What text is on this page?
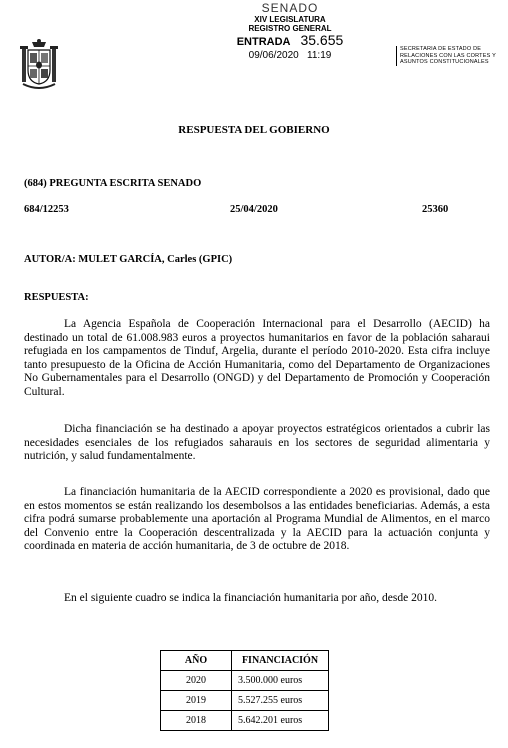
SENADO
XIV LEGISLATURA
REGISTRO GENERAL
ENTRADA 35.655
09/06/2020 11:19
SECRETARIA DE ESTADO DE RELACIONES CON LAS CORTES Y ASUNTOS CONSTITUCIONALES
RESPUESTA DEL GOBIERNO
(684) PREGUNTA ESCRITA SENADO
684/12253	25/04/2020	25360
AUTOR/A: MULET GARCÍA, Carles (GPIC)
RESPUESTA:
La Agencia Española de Cooperación Internacional para el Desarrollo (AECID) ha destinado un total de 61.008.983 euros a proyectos humanitarios en favor de la población saharaui refugiada en los campamentos de Tinduf, Argelia, durante el período 2010-2020. Esta cifra incluye tanto presupuesto de la Oficina de Acción Humanitaria, como del Departamento de Organizaciones No Gubernamentales para el Desarrollo (ONGD) y del Departamento de Promoción y Cooperación Cultural.
Dicha financiación se ha destinado a apoyar proyectos estratégicos orientados a cubrir las necesidades esenciales de los refugiados saharauis en los sectores de seguridad alimentaria y nutrición, y salud fundamentalmente.
La financiación humanitaria de la AECID correspondiente a 2020 es provisional, dado que en estos momentos se están realizando los desembolsos a las entidades beneficiarias. Además, a esta cifra podrá sumarse probablemente una aportación al Programa Mundial de Alimentos, en el marco del Convenio entre la Cooperación descentralizada y la AECID para la actuación conjunta y coordinada en materia de acción humanitaria, de 3 de octubre de 2018.
En el siguiente cuadro se indica la financiación humanitaria por año, desde 2010.
AÑO	FINANCIACIÓN
2020	3.500.000 euros
2019	5.527.255 euros
2018	5.642.201 euros
